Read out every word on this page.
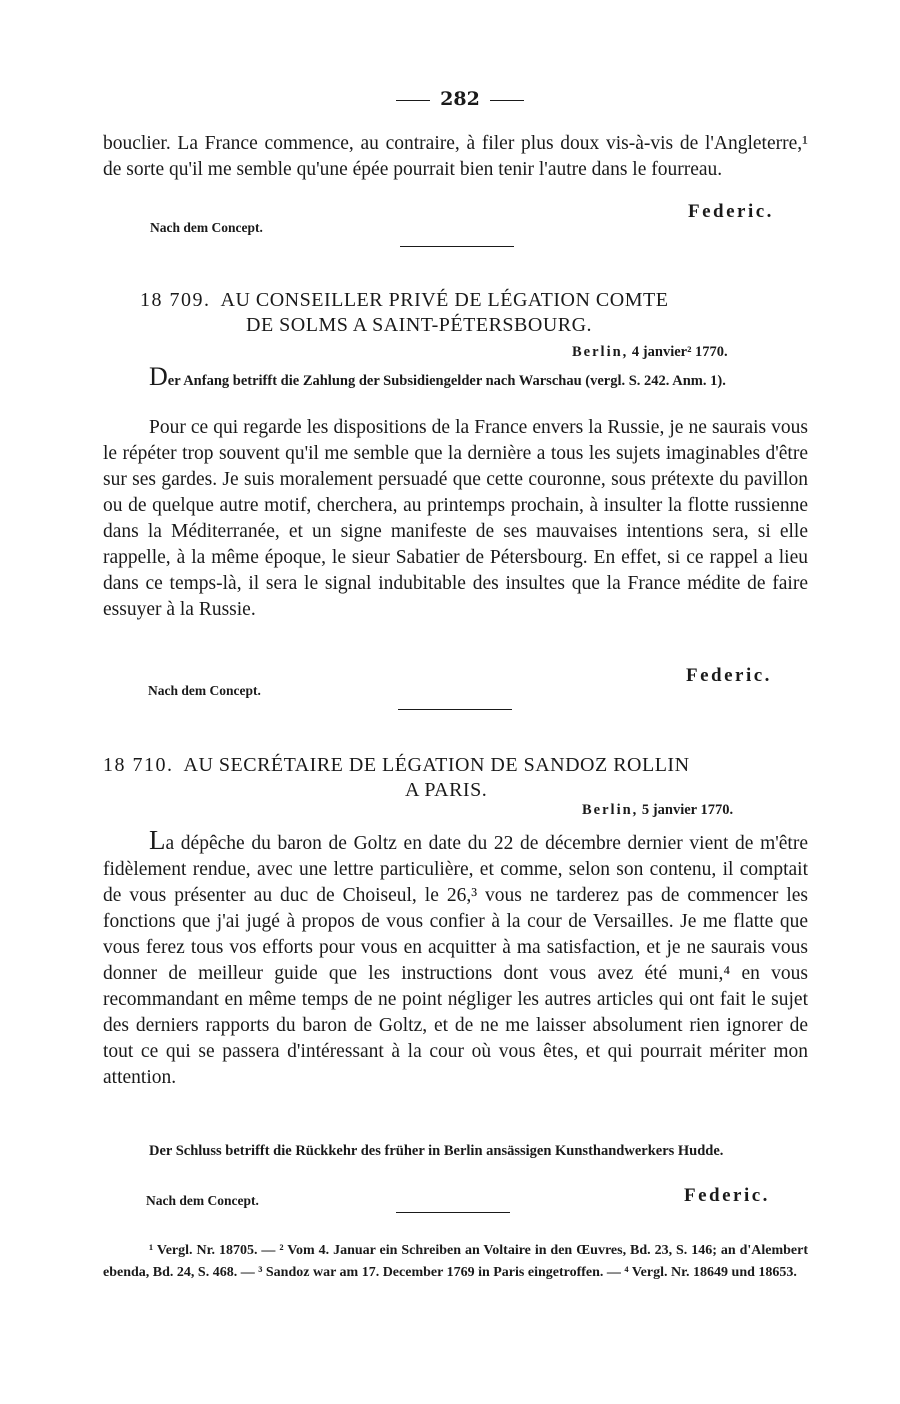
282
bouclier. La France commence, au contraire, à filer plus doux vis-à-vis de l'Angleterre,¹ de sorte qu'il me semble qu'une épée pourrait bien tenir l'autre dans le fourreau.
Federic.
Nach dem Concept.
18 709. AU CONSEILLER PRIVÉ DE LÉGATION COMTE
DE SOLMS A SAINT-PÉTERSBOURG.
Berlin, 4 janvier² 1770.
Der Anfang betrifft die Zahlung der Subsidiengelder nach Warschau (vergl. S. 242. Anm. 1).
Pour ce qui regarde les dispositions de la France envers la Russie, je ne saurais vous le répéter trop souvent qu'il me semble que la dernière a tous les sujets imaginables d'être sur ses gardes. Je suis moralement persuadé que cette couronne, sous prétexte du pavillon ou de quelque autre motif, cherchera, au printemps prochain, à insulter la flotte russienne dans la Méditerranée, et un signe manifeste de ses mauvaises intentions sera, si elle rappelle, à la même époque, le sieur Sabatier de Pétersbourg. En effet, si ce rappel a lieu dans ce temps-là, il sera le signal indubitable des insultes que la France médite de faire essuyer à la Russie.
Federic.
Nach dem Concept.
18 710. AU SECRÉTAIRE DE LÉGATION DE SANDOZ ROLLIN
A PARIS.
Berlin, 5 janvier 1770.
La dépêche du baron de Goltz en date du 22 de décembre dernier vient de m'être fidèlement rendue, avec une lettre particulière, et comme, selon son contenu, il comptait de vous présenter au duc de Choiseul, le 26,³ vous ne tarderez pas de commencer les fonctions que j'ai jugé à propos de vous confier à la cour de Versailles. Je me flatte que vous ferez tous vos efforts pour vous en acquitter à ma satisfaction, et je ne saurais vous donner de meilleur guide que les instructions dont vous avez été muni,⁴ en vous recommandant en même temps de ne point négliger les autres articles qui ont fait le sujet des derniers rapports du baron de Goltz, et de ne me laisser absolument rien ignorer de tout ce qui se passera d'intéressant à la cour où vous êtes, et qui pourrait mériter mon attention.
Der Schluss betrifft die Rückkehr des früher in Berlin ansässigen Kunsthandwerkers Hudde.
Federic.
Nach dem Concept.
¹ Vergl. Nr. 18705. — ² Vom 4. Januar ein Schreiben an Voltaire in den Œuvres, Bd. 23, S. 146; an d'Alembert ebenda, Bd. 24, S. 468. — ³ Sandoz war am 17. December 1769 in Paris eingetroffen. — ⁴ Vergl. Nr. 18649 und 18653.
